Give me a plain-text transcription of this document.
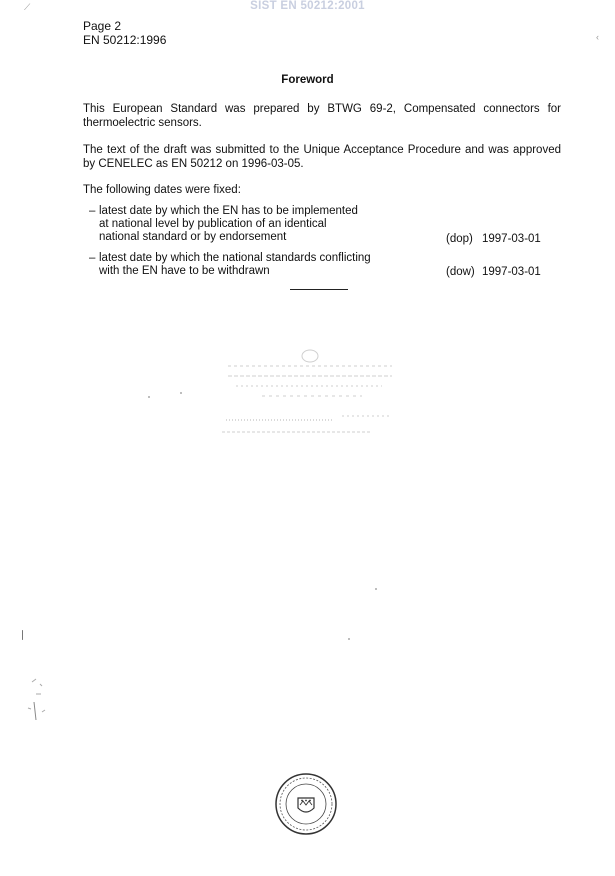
SIST EN 50212:2001
Page 2
EN 50212:1996
⟋
‹
Foreword
This European Standard was prepared by BTWG 69-2, Compensated connectors for thermoelectric sensors.
The text of the draft was submitted to the Unique Acceptance Procedure and was approved by CENELEC as EN 50212 on 1996-03-05.
The following dates were fixed:
– latest date by which the EN has to be implemented
at national level by publication of an identical
national standard or by endorsement	(dop) 1997-03-01
– latest date by which the national standards conflicting
with the EN have to be withdrawn	(dow) 1997-03-01
